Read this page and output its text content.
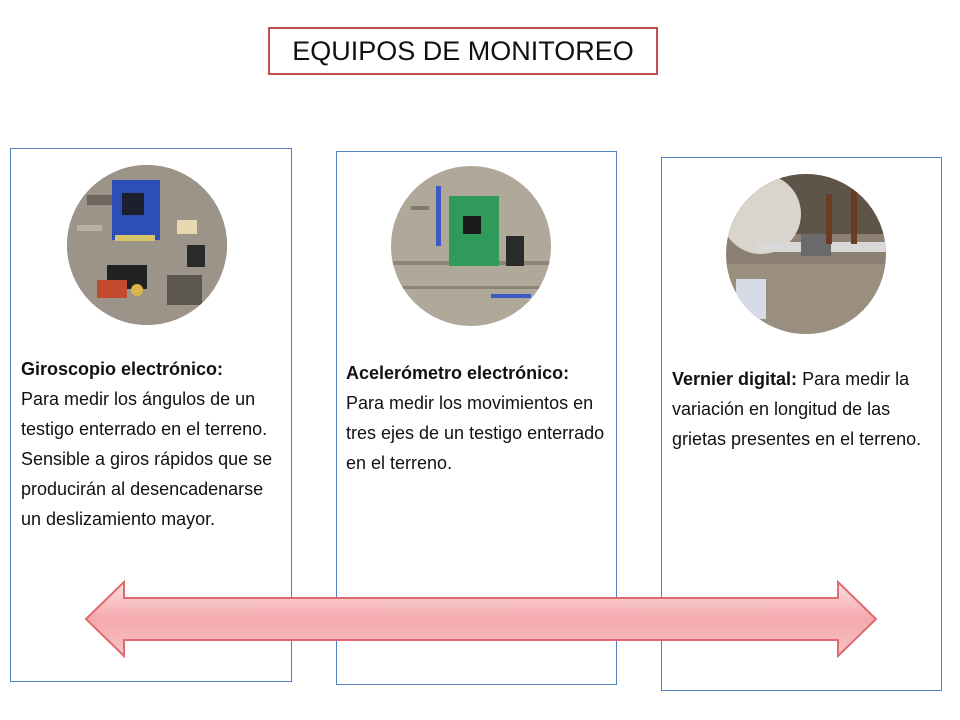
EQUIPOS DE MONITOREO
Giroscopio electrónico:
Para medir los ángulos de un testigo enterrado en el terreno. Sensible a giros rápidos que se producirán al desencadenarse un deslizamiento mayor.
Acelerómetro electrónico:
Para medir los movimientos en tres ejes de un testigo enterrado en el terreno.
Vernier digital: Para medir la variación en longitud de las grietas presentes en el terreno.
